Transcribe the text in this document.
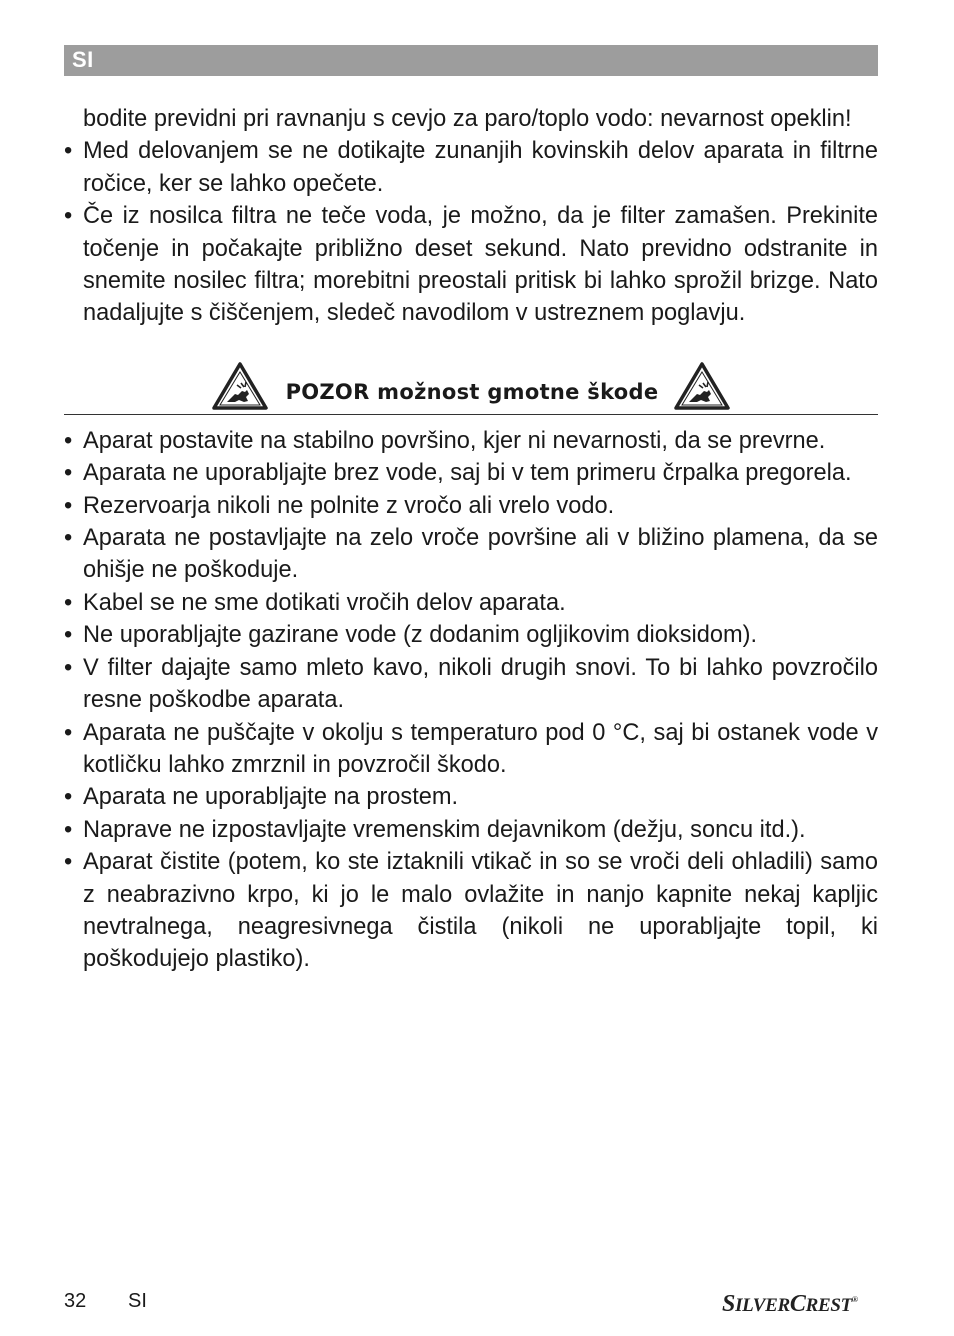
SI

bodite previdni pri ravnanju s cevjo za paro/toplo vodo: nevarnost opeklin!

• Med delovanjem se ne dotikajte zunanjih kovinskih delov aparata in filtrne ročice, ker se lahko opečete.
• Če iz nosilca filtra ne teče voda, je možno, da je filter zamašen. Prekinite točenje in počakajte približno deset sekund. Nato previdno odstranite in snemite nosilec filtra; morebitni preostali pritisk bi lahko sprožil brizge. Nato nadaljujte s čiščenjem, sledeč navodilom v ustreznem poglavju.
POZOR možnost gmotne škode
• Aparat postavite na stabilno površino, kjer ni nevarnosti, da se prevrne.
• Aparata ne uporabljajte brez vode, saj bi v tem primeru črpalka pregorela.
• Rezervoarja nikoli ne polnite z vročo ali vrelo vodo.
• Aparata ne postavljajte na zelo vroče površine ali v bližino plamena, da se ohišje ne poškoduje.
• Kabel se ne sme dotikati vročih delov aparata.
• Ne uporabljajte gazirane vode (z dodanim ogljikovim dioksidom).
• V filter dajajte samo mleto kavo, nikoli drugih snovi. To bi lahko povzročilo resne poškodbe aparata.
• Aparata ne puščajte v okolju s temperaturo pod 0 °C, saj bi ostanek vode v kotličku lahko zmrznil in povzročil škodo.
• Aparata ne uporabljajte na prostem.
• Naprave ne izpostavljajte vremenskim dejavnikom (dežju, soncu itd.).
• Aparat čistite (potem, ko ste iztaknili vtikač in so se vroči deli ohladili) samo z neabrazivno krpo, ki jo le malo ovlažite in nanjo kapnite nekaj kapljic nevtralnega, neagresivnega čistila (nikoli ne uporabljajte topil, ki poškodujejo plastiko).
32 SI	SILVERCREST®
